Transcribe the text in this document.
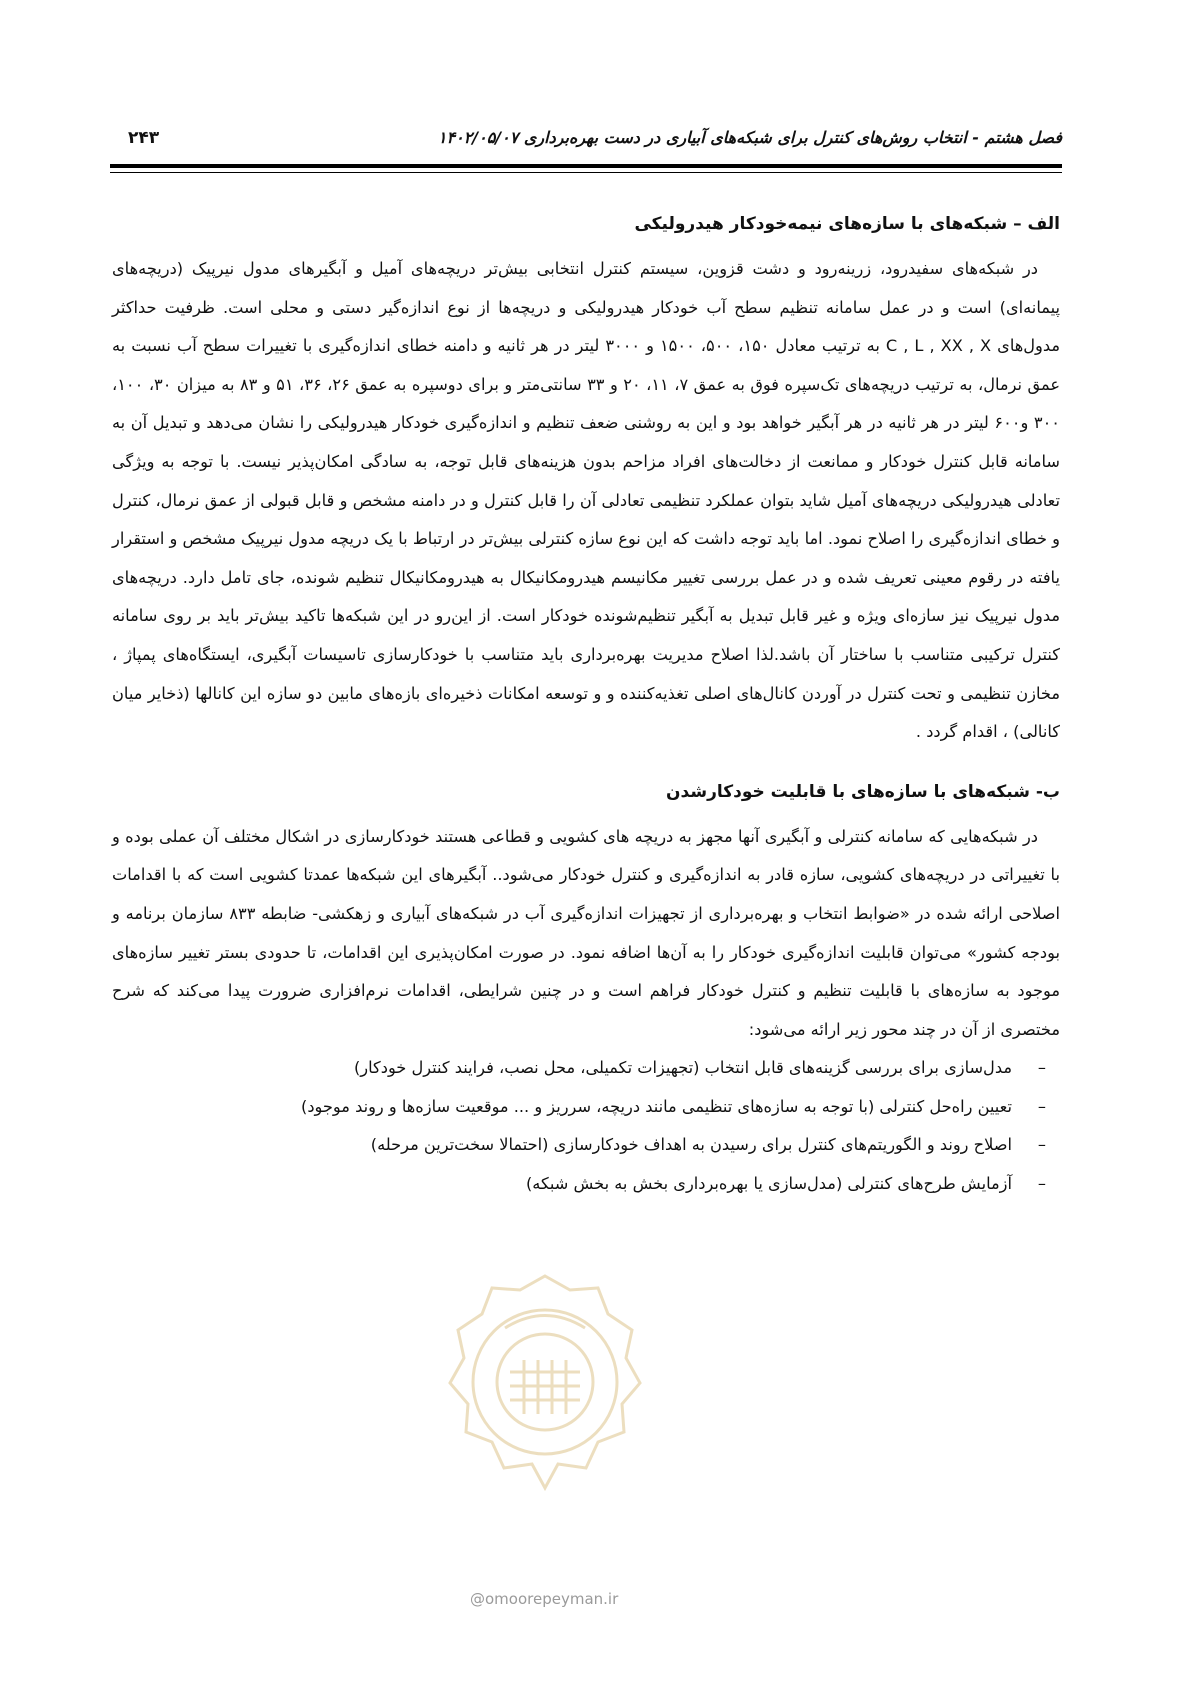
فصل هشتم - انتخاب روش‌های کنترل برای شبکه‌های آبیاری در دست بهره‌برداری ۱۴۰۲/۰۵/۰۷
۲۴۳
الف – شبکه‌های با سازه‌های نیمه‌خودکار هیدرولیکی

در شبکه‌های سفیدرود، زرینه‌رود و دشت قزوین، سیستم کنترل انتخابی بیش‌تر دریچه‌های آمیل و آبگیرهای مدول نیرپیک (دریچه‌های پیمانه‌ای) است و در عمل سامانه تنظیم سطح آب خودکار هیدرولیکی و دریچه‌ها از نوع اندازه‌گیر دستی و محلی است. ظرفیت حداکثر مدول‌های C , L , XX , X به ترتیب معادل ۱۵۰، ۵۰۰، ۱۵۰۰ و ۳۰۰۰ لیتر در هر ثانیه و دامنه خطای اندازه‌گیری با تغییرات سطح آب نسبت به عمق نرمال، به ترتیب دریچه‌های تک‌سپره فوق به عمق ۷، ۱۱، ۲۰ و ۳۳ سانتی‌متر و برای دوسپره به عمق ۲۶، ۳۶، ۵۱ و ۸۳ به میزان ۳۰، ۱۰۰، ۳۰۰ و۶۰۰ لیتر در هر ثانیه در هر آبگیر خواهد بود و این به روشنی ضعف تنظیم و اندازه‌گیری خودکار هیدرولیکی را نشان می‌دهد و تبدیل آن به سامانه قابل کنترل خودکار و ممانعت از دخالت‌های افراد مزاحم بدون هزینه‌های قابل توجه، به سادگی امکان‌پذیر نیست. با توجه به ویژگی تعادلی هیدرولیکی دریچه‌های آمیل شاید بتوان عملکرد تنظیمی تعادلی آن را قابل کنترل و در دامنه مشخص و قابل قبولی از عمق نرمال، کنترل و خطای اندازه‌گیری را اصلاح نمود. اما باید توجه داشت که این نوع سازه کنترلی بیش‌تر در ارتباط با یک دریچه مدول نیرپیک مشخص و استقرار یافته در رقوم معینی تعریف شده و در عمل بررسی تغییر مکانیسم هیدرومکانیکال به هیدرومکانیکال تنظیم شونده، جای تامل دارد. دریچه‌های مدول نیرپیک نیز سازه‌ای ویژه و غیر قابل تبدیل به آبگیر تنظیم‌شونده خودکار است. از این‌رو در این شبکه‌ها تاکید بیش‌تر باید بر روی سامانه کنترل ترکیبی متناسب با ساختار آن باشد.لذا اصلاح مدیریت بهره‌برداری باید متناسب با خودکارسازی تاسیسات آبگیری، ایستگاه‌های پمپاژ ، مخازن تنظیمی و تحت کنترل در آوردن کانال‌های اصلی تغذیه‌کننده و و توسعه امکانات ذخیره‌ای بازه‌های مابین دو سازه این کانالها (ذخایر میان کانالی) ، اقدام گردد .

ب- شبکه‌های با سازه‌های با قابلیت خودکارشدن

در شبکه‌هایی که سامانه کنترلی و آبگیری آنها مجهز به دریچه های کشویی و قطاعی هستند خودکارسازی در اشکال مختلف آن عملی بوده و با تغییراتی در دریچه‌های کشویی، سازه قادر به اندازه‌گیری و کنترل خودکار می‌شود.. آبگیرهای این شبکه‌ها عمدتا کشویی است که با اقدامات اصلاحی ارائه شده در «ضوابط انتخاب و بهره‌برداری از تجهیزات اندازه‌گیری آب در شبکه‌های آبیاری و زهکشی- ضابطه ۸۳۳ سازمان برنامه و بودجه کشور» می‌توان قابلیت اندازه‌گیری خودکار را به آن‌ها اضافه نمود. در صورت امکان‌پذیری این اقدامات، تا حدودی بستر تغییر سازه‌های موجود به سازه‌های با قابلیت تنظیم و کنترل خودکار فراهم است و در چنین شرایطی، اقدامات نرم‌افزاری ضرورت پیدا می‌کند که شرح مختصری از آن در چند محور زیر ارائه می‌شود:

–
مدل‌سازی برای بررسی گزینه‌های قابل انتخاب (تجهیزات تکمیلی، محل نصب، فرایند کنترل خودکار)
–
تعیین راه‌حل کنترلی (با توجه به سازه‌های تنظیمی مانند دریچه، سرریز و ... موقعیت سازه‌ها و روند موجود)
–
اصلاح روند و الگوریتم‌های کنترل برای رسیدن به اهداف خودکارسازی (احتمالا سخت‌ترین مرحله)
–
آزمایش طرح‌های کنترلی (مدل‌سازی یا بهره‌برداری بخش به بخش شبکه)
@omoorepeyman.ir
